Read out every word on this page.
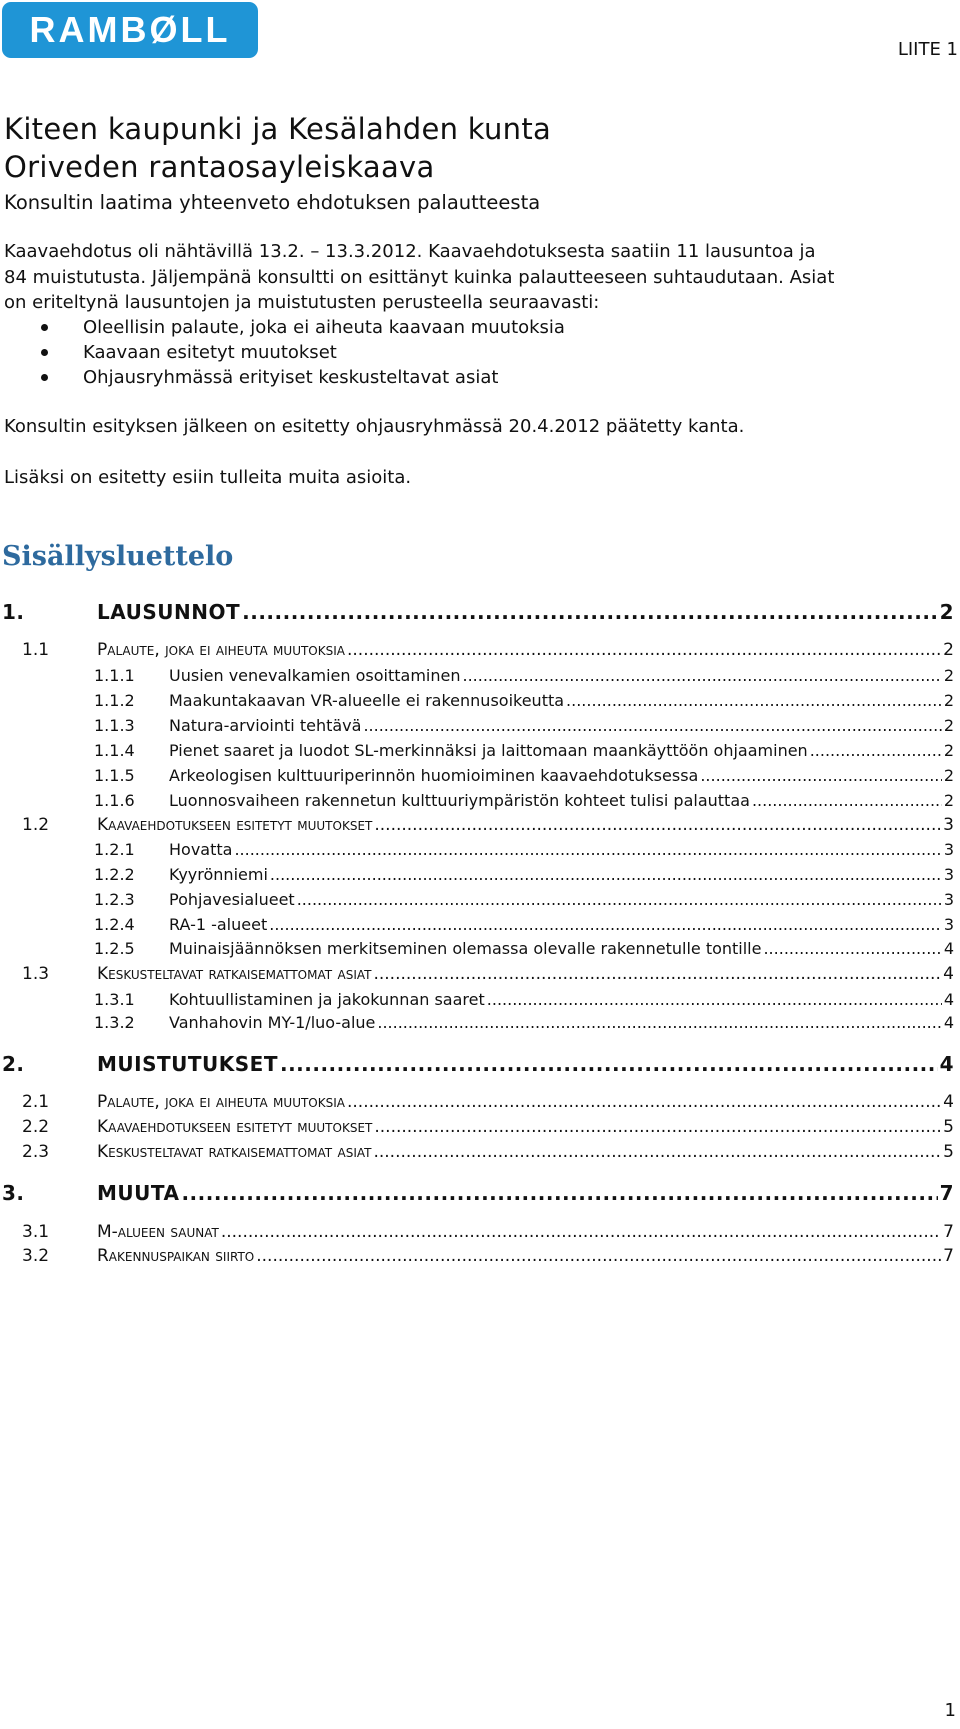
RAMBØLL	LIITE 1
Kiteen kaupunki ja Kesälahden kunta
Oriveden rantaosayleiskaava
Konsultin laatima yhteenveto ehdotuksen palautteesta
Kaavaehdotus oli nähtävillä 13.2. – 13.3.2012. Kaavaehdotuksesta saatiin 11 lausuntoa ja
84 muistutusta. Jäljempänä konsultti on esittänyt kuinka palautteeseen suhtaudutaan. Asiat
on eriteltynä lausuntojen ja muistutusten perusteella seuraavasti:
Oleellisin palaute, joka ei aiheuta kaavaan muutoksia
Kaavaan esitetyt muutokset
Ohjausryhmässä erityiset keskusteltavat asiat
Konsultin esityksen jälkeen on esitetty ohjausryhmässä 20.4.2012 päätetty kanta.
Lisäksi on esitetty esiin tulleita muita asioita.
Sisällysluettelo
1.	LAUSUNNOT .....	2
1.1	Palaute, joka ei aiheuta muutoksia .....	2
1.1.1	Uusien venevalkamien osoittaminen .....	2
1.1.2	Maakuntakaavan VR-alueelle ei rakennusoikeutta .....	2
1.1.3	Natura-arviointi tehtävä .....	2
1.1.4	Pienet saaret ja luodot SL-merkinnäksi ja laittomaan maankäyttöön ohjaaminen .....	2
1.1.5	Arkeologisen kulttuuriperinnön huomioiminen kaavaehdotuksessa .....	2
1.1.6	Luonnosvaiheen rakennetun kulttuuriympäristön kohteet tulisi palauttaa .....	2
1.2	Kaavaehdotukseen esitetyt muutokset .....	3
1.2.1	Hovatta .....	3
1.2.2	Kyyrönniemi .....	3
1.2.3	Pohjavesialueet .....	3
1.2.4	RA-1 -alueet .....	3
1.2.5	Muinaisjäännöksen merkitseminen olemassa olevalle rakennetulle tontille .....	4
1.3	Keskusteltavat ratkaisemattomat asiat .....	4
1.3.1	Kohtuullistaminen ja jakokunnan saaret .....	4
1.3.2	Vanhahovin MY-1/luo-alue .....	4
2.	MUISTUTUKSET .....	4
2.1	Palaute, joka ei aiheuta muutoksia .....	4
2.2	Kaavaehdotukseen esitetyt muutokset .....	5
2.3	Keskusteltavat ratkaisemattomat asiat .....	5
3.	MUUTA .....	7
3.1	M-alueen saunat .....	7
3.2	Rakennuspaikan siirto .....	7
1
